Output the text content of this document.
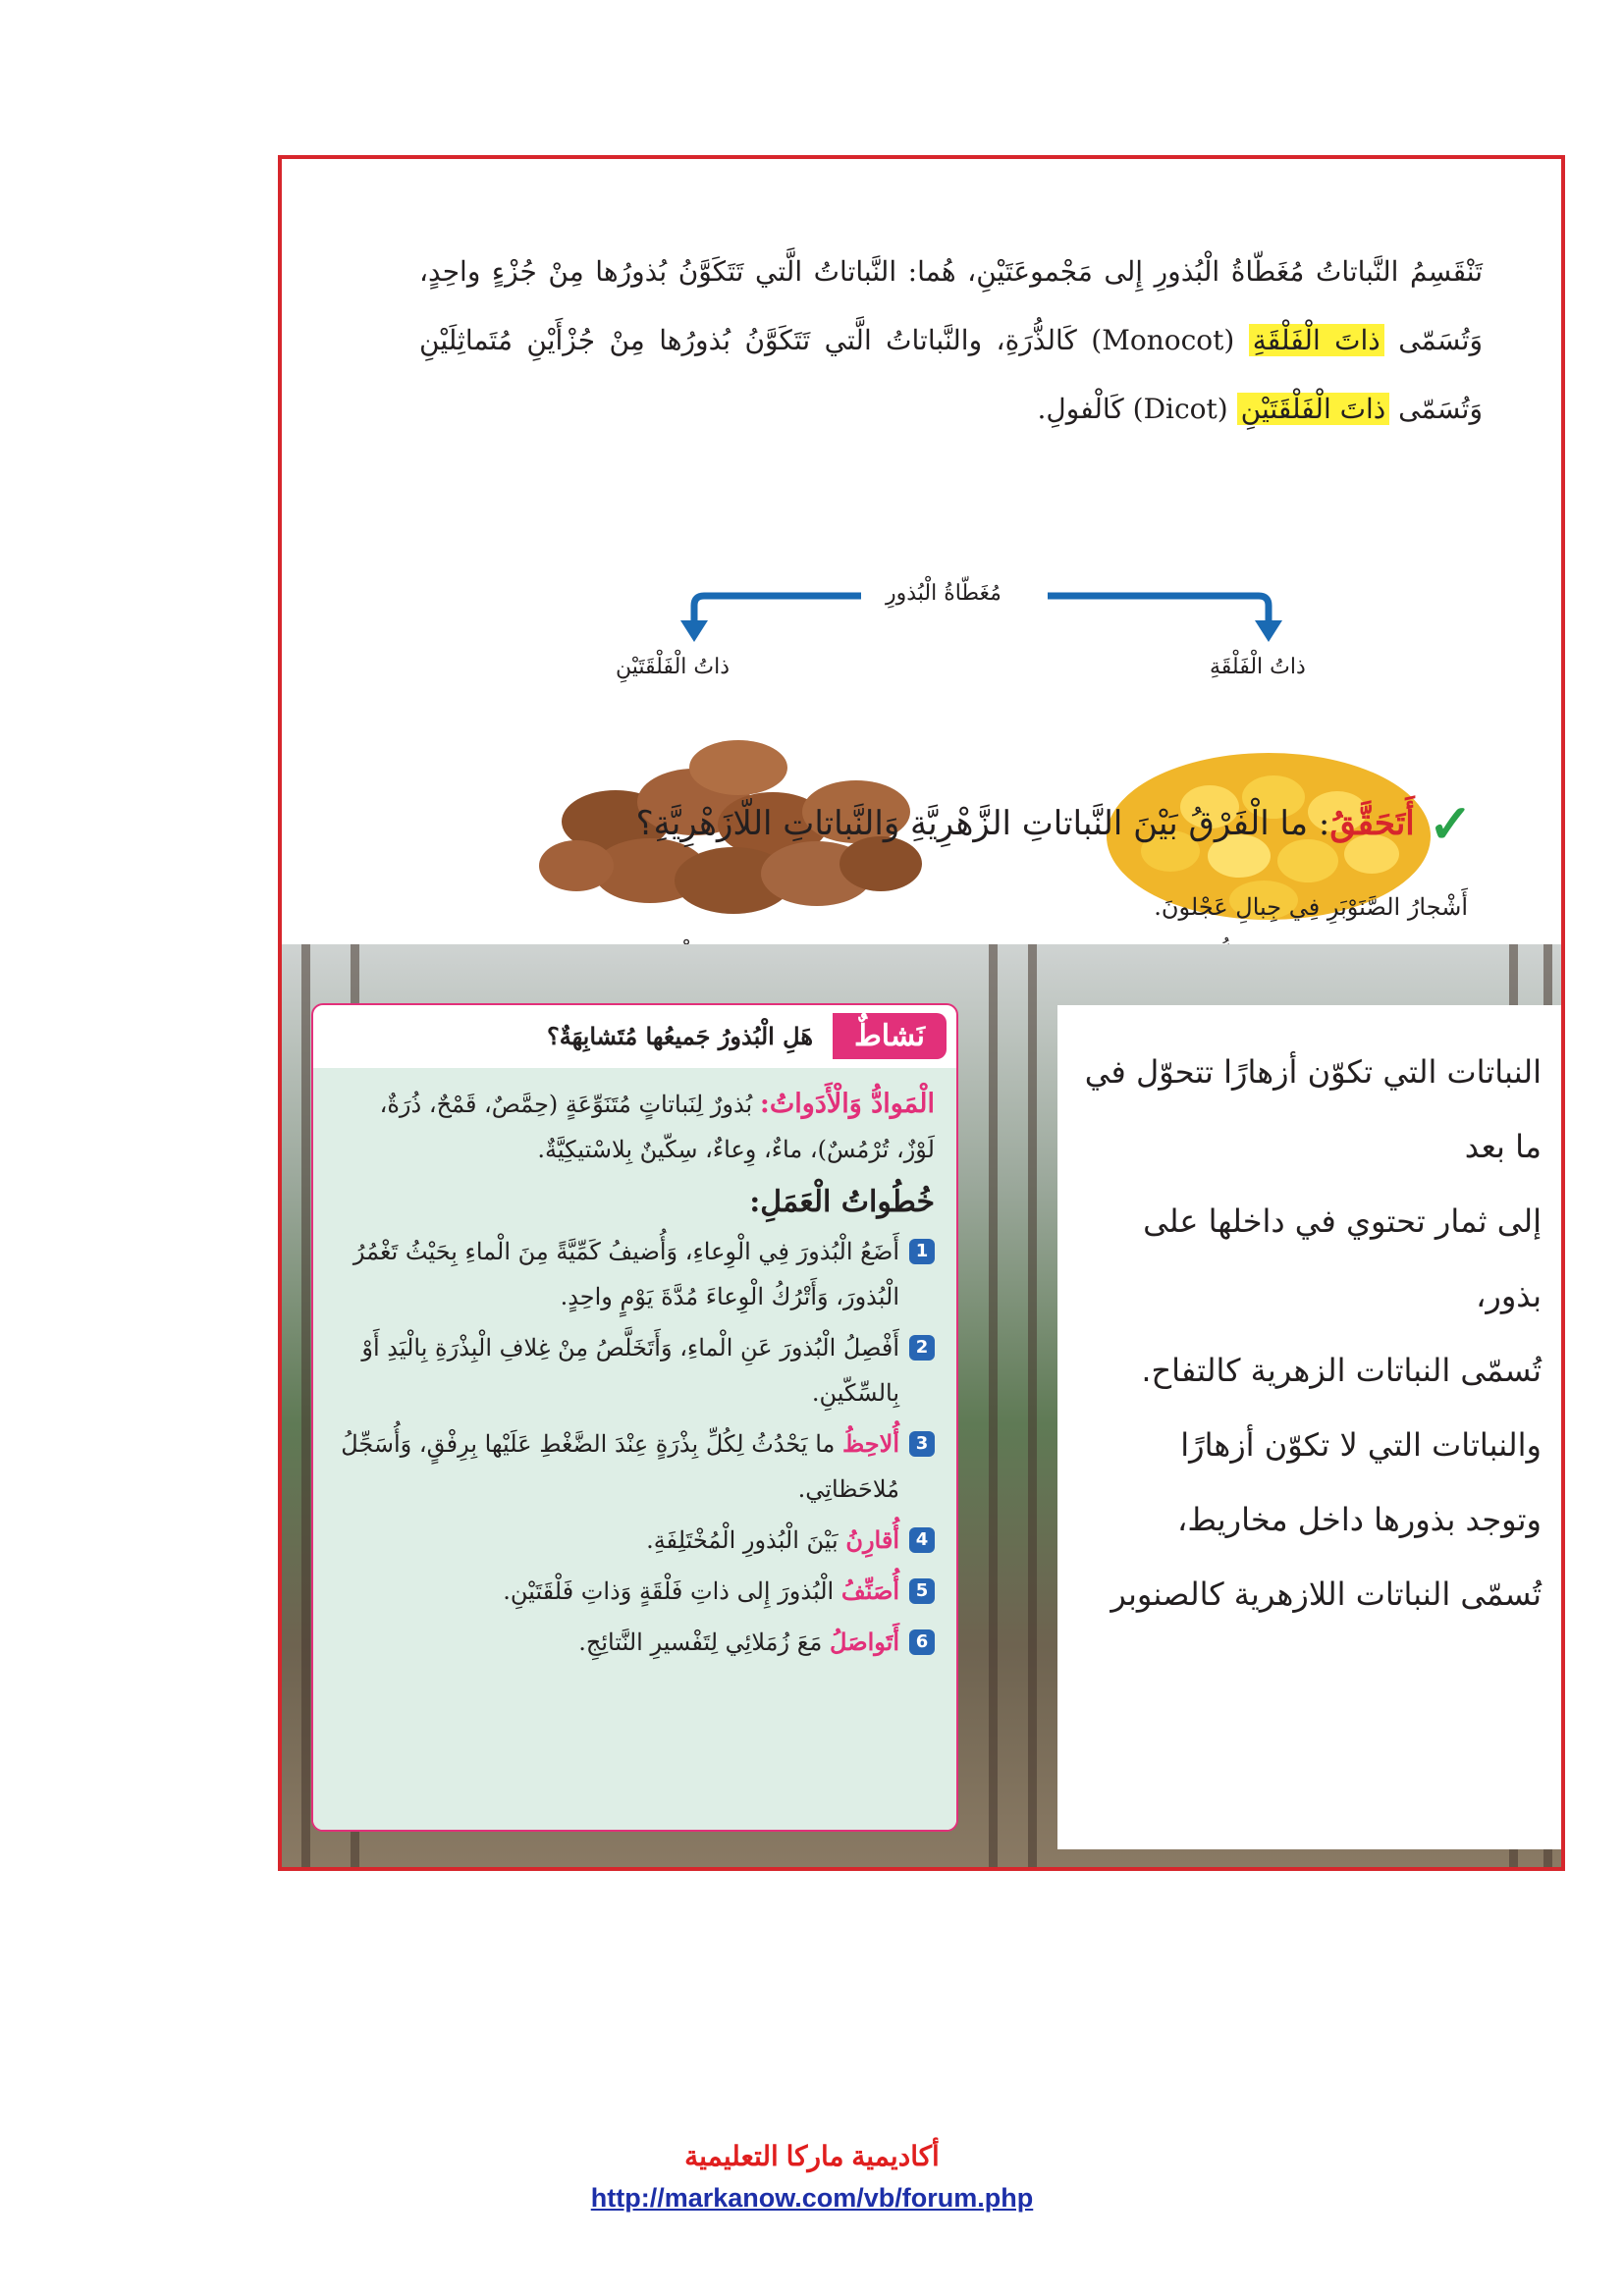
تَنْقَسِمُ النَّباتاتُ مُغَطّاةُ الْبُذورِ إِلى مَجْموعَتَيْنِ، هُما: النَّباتاتُ الَّتي تَتَكَوَّنُ بُذورُها مِنْ جُزْءٍ واحِدٍ، وَتُسَمّى ذاتَ الْفَلْقَةِ (Monocot) كَالذُّرَةِ، والنَّباتاتُ الَّتي تَتَكَوَّنُ بُذورُها مِنْ جُزْأَيْنِ مُتَماثِلَيْنِ وَتُسَمّى ذاتَ الْفَلْقَتَيْنِ (Dicot) كَالْفولِ.
مُغَطّاةُ الْبُذورِ
ذاتُ الْفَلْقَتَيْنِ	ذاتُ الْفَلْقَةِ
✓
أَتَحَقَّقُ: ما الْفَرْقُ بَيْنَ النَّباتاتِ الزَّهْرِيَّةِ وَالنَّباتاتِ اللّازَهْرِيَّةِ؟
أَشْجارُ الصَّنَوْبَرِ فِي جِبالِ عَجْلونَ.
نَشاطٌ
هَلِ الْبُذورُ جَميعُها مُتَشابِهَةٌ؟
الْمَوادُّ وَالْأَدَواتُ: بُذورٌ لِنَباتاتٍ مُتَنَوِّعَةٍ (حِمَّصٌ، قَمْحٌ، ذُرَةٌ، لَوْزٌ، تُرْمُسٌ)، ماءٌ، وِعاءٌ، سِكّينٌ بِلاسْتيكِيَّةٌ.
خُطُواتُ الْعَمَلِ:
1
أَضَعُ الْبُذورَ فِي الْوِعاءِ، وَأُضيفُ كَمِّيَّةً مِنَ الْماءِ بِحَيْثُ تَغْمُرُ الْبُذورَ، وَأَتْرُكُ الْوِعاءَ مُدَّةَ يَوْمٍ واحِدٍ.
2
أَفْصِلُ الْبُذورَ عَنِ الْماءِ، وَأَتَخَلَّصُ مِنْ غِلافِ الْبِذْرَةِ بِالْيَدِ أَوْ بِالسِّكّينِ.
3
أُلاحِظُ ما يَحْدُثُ لِكُلِّ بِذْرَةٍ عِنْدَ الضَّغْطِ عَلَيْها بِرِفْقٍ، وَأُسَجِّلُ مُلاحَظاتِي.
4
أُقارِنُ بَيْنَ الْبُذورِ الْمُخْتَلِفَةِ.
5
أُصَنِّفُ الْبُذورَ إِلى ذاتِ فَلْقَةٍ وَذاتِ فَلْقَتَيْنِ.
6
أَتَواصَلُ مَعَ زُمَلائِي لِتَفْسيرِ النَّتائِجِ.
النباتات التي تكوّن أزهارًا تتحوّل في ما بعد
إلى ثمار تحتوي في داخلها على بذور،
تُسمّى النباتات الزهرية كالتفاح.
والنباتات التي لا تكوّن أزهارًا
وتوجد بذورها داخل مخاريط،
تُسمّى النباتات اللازهرية كالصنوبر
أكاديمية ماركا التعليمية
http://markanow.com/vb/forum.php
